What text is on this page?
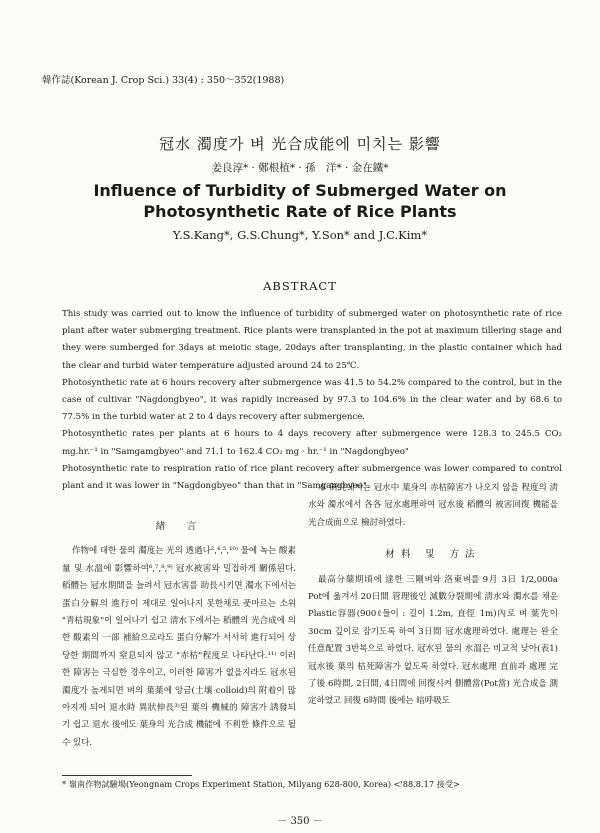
韓作誌(Korean J. Crop Sci.) 33(4) : 350～352(1988)
冠水 濁度가 벼 光合成能에 미치는 影響
姜良淳* · 鄭根植* · 孫　洋* · 金在鐵*
Influence of Turbidity of Submerged Water on
Photosynthetic Rate of Rice Plants
Y.S.Kang*, G.S.Chung*, Y.Son* and J.C.Kim*
ABSTRACT

This study was carried out to know the influence of turbidity of submerged water on photosynthetic rate of rice plant after water submerging treatment. Rice plants were transplanted in the pot at maximum tillering stage and they were sumberged for 3days at meiotic stage, 20days after transplanting, in the plastic container which had the clear and turbid water temperature adjusted around 24 to 25℃.

Photosynthetic rate at 6 hours recovery after submergence was 41.5 to 54.2% compared to the control, but in the case of cultivar "Nagdongbyeo", it was rapidly increased by 97.3 to 104.6% in the clear water and by 68.6 to 77.5% in the turbid water at 2 to 4 days recovery after submergence.

Photosynthetic rates per plants at 6 hours to 4 days recovery after submergence were 128.3 to 245.5 CO₂ mg.hr.⁻¹ in "Samgamgbyeo" and 71.1 to 162.4 CO₂ mg · hr.⁻¹ in "Nagdongbyeo"

Photosynthetic rate to respiration ratio of rice plant recovery after submergence was lower compared to control plant and it was lower in "Nagdongbyeo" than that in "Samgangbyeo".

緖　言

作物에 대한 물의 濁度는 光의 透過나²,⁴,⁵,¹⁰⁾ 물에 녹는 酸素量 및 水溫에 影響하여⁶,⁷,⁸,⁹⁾ 冠水被害와 밀접하게 關係된다. 稻體는 冠水期間을 늘려서 冠水害를 助長시키면 濁水下에서는 蛋白分解의 進行이 제대로 일어나지 못한채로 풋마르는 소위 "青枯現象"이 일어나기 쉽고 淸水下에서는 稻體의 光合成에 의한 酸素의 一部 補給으로라도 蛋白分解가 서서히 進行되어 상당한 期間까지 窒息되지 않고 "赤枯"程度로 나타난다.¹¹⁾ 이러한 障害는 극심한 경우이고, 이러한 障害가 없을지라도 冠水된 濁度가 높게되면 벼의 葉葉에 앙금(土壤 colloid)의 附着이 많아지게 되어 退水時 異狀伸長³⁾된 葉의 機械的 障害가 誘發되기 쉽고 退水 後에도 葉身의 光合成 機能에 不利한 條件으로 될 수 있다.

本 硏究에서는 冠水中 葉身의 赤枯障害가 나오지 않을 程度의 淸水와 濁水에서 各各 冠水處理하여 冠水後 稻體의 被害回復 機能을 光合成面으로 檢討하였다.

材料 및 方法

最高分蘖期頃에 達한 三剛벼와 洛東벼를 9月 3日 1/2,000a Pot에 옮겨서 20日間 管理後인 減數分裂期에 淸水와 濁水를 채운 Plastic容器(900ℓ들이 : 길이 1.2m, 直徑 1m)內로 벼 葉先이 30cm 깊이로 잠기도록 하여 3日間 冠水處理하였다. 處理는 완全任意配置 3반복으로 하였다. 冠水된 물의 水溫은 비교적 낮아(表1) 冠水後 葉의 枯死障害가 없도록 하였다. 冠水處理 直前과 處理 完了後 6時間, 2日間, 4日間에 回復시켜 側體當(Pot當) 光合成을 測定하였고 回復 6時間 後에는 暗呼吸도

* 嶺南作物試驗場(Yeongnam Crops Experiment Station, Milyang 628-800, Korea) <'88.8.17 接受>
－ 350 －
